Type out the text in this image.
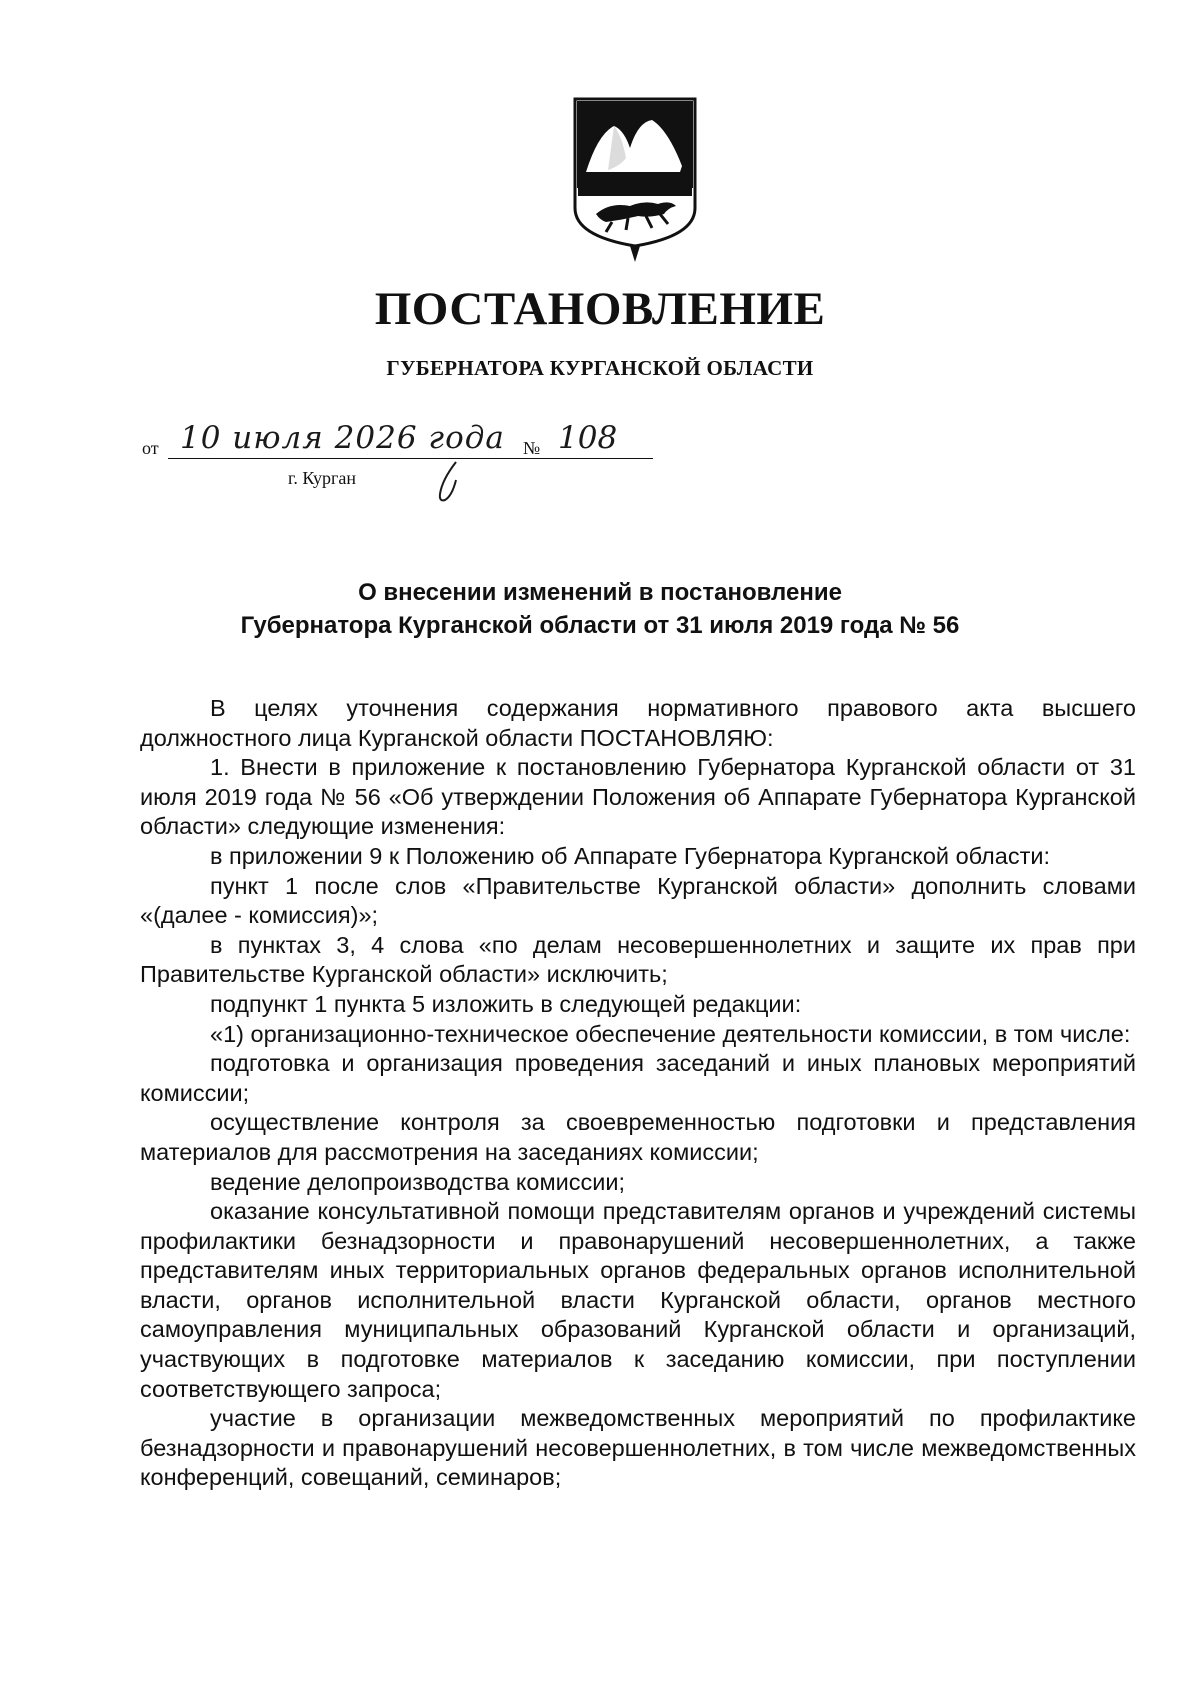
ПОСТАНОВЛЕНИЕ
ГУБЕРНАТОРА КУРГАНСКОЙ ОБЛАСТИ
от 10 июля 2026 года № 108
г. Курган
О внесении изменений в постановление
Губернатора Курганской области от 31 июля 2019 года № 56

В целях уточнения содержания нормативного правового акта высшего должностного лица Курганской области ПОСТАНОВЛЯЮ:

1. Внести в приложение к постановлению Губернатора Курганской области от 31 июля 2019 года № 56 «Об утверждении Положения об Аппарате Губернатора Курганской области» следующие изменения:

в приложении 9 к Положению об Аппарате Губернатора Курганской области:

пункт 1 после слов «Правительстве Курганской области» дополнить словами «(далее - комиссия)»;

в пунктах 3, 4 слова «по делам несовершеннолетних и защите их прав при Правительстве Курганской области» исключить;

подпункт 1 пункта 5 изложить в следующей редакции:

«1) организационно-техническое обеспечение деятельности комиссии, в том числе:

подготовка и организация проведения заседаний и иных плановых мероприятий комиссии;

осуществление контроля за своевременностью подготовки и представления материалов для рассмотрения на заседаниях комиссии;

ведение делопроизводства комиссии;

оказание консультативной помощи представителям органов и учреждений системы профилактики безнадзорности и правонарушений несовершеннолетних, а также представителям иных территориальных органов федеральных органов исполнительной власти, органов исполнительной власти Курганской области, органов местного самоуправления муниципальных образований Курганской области и организаций, участвующих в подготовке материалов к заседанию комиссии, при поступлении соответствующего запроса;

участие в организации межведомственных мероприятий по профилактике безнадзорности и правонарушений несовершеннолетних, в том числе межведомственных конференций, совещаний, семинаров;
